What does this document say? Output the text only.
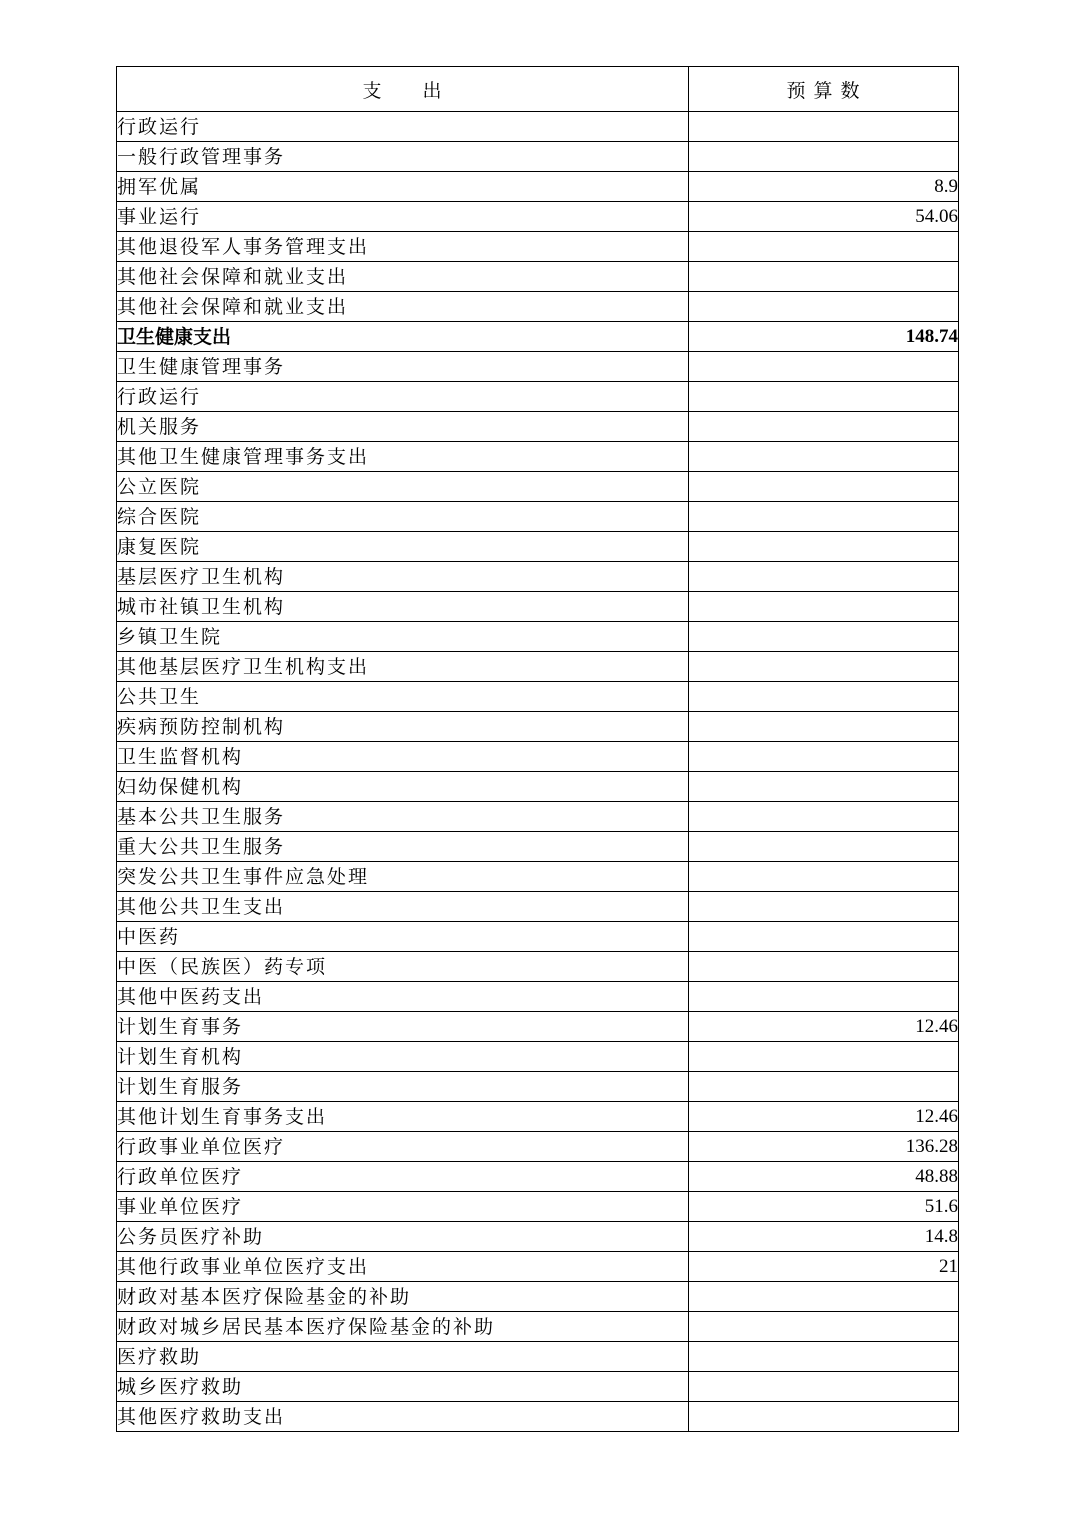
支　　出	预 算 数
行政运行	
一般行政管理事务	
拥军优属	8.9
事业运行	54.06
其他退役军人事务管理支出	
其他社会保障和就业支出	
其他社会保障和就业支出	
卫生健康支出	148.74
卫生健康管理事务	
行政运行	
机关服务	
其他卫生健康管理事务支出	
公立医院	
综合医院	
康复医院	
基层医疗卫生机构	
城市社镇卫生机构	
乡镇卫生院	
其他基层医疗卫生机构支出	
公共卫生	
疾病预防控制机构	
卫生监督机构	
妇幼保健机构	
基本公共卫生服务	
重大公共卫生服务	
突发公共卫生事件应急处理	
其他公共卫生支出	
中医药	
中医（民族医）药专项	
其他中医药支出	
计划生育事务	12.46
计划生育机构	
计划生育服务	
其他计划生育事务支出	12.46
行政事业单位医疗	136.28
行政单位医疗	48.88
事业单位医疗	51.6
公务员医疗补助	14.8
其他行政事业单位医疗支出	21
财政对基本医疗保险基金的补助	
财政对城乡居民基本医疗保险基金的补助	
医疗救助	
城乡医疗救助	
其他医疗救助支出	
